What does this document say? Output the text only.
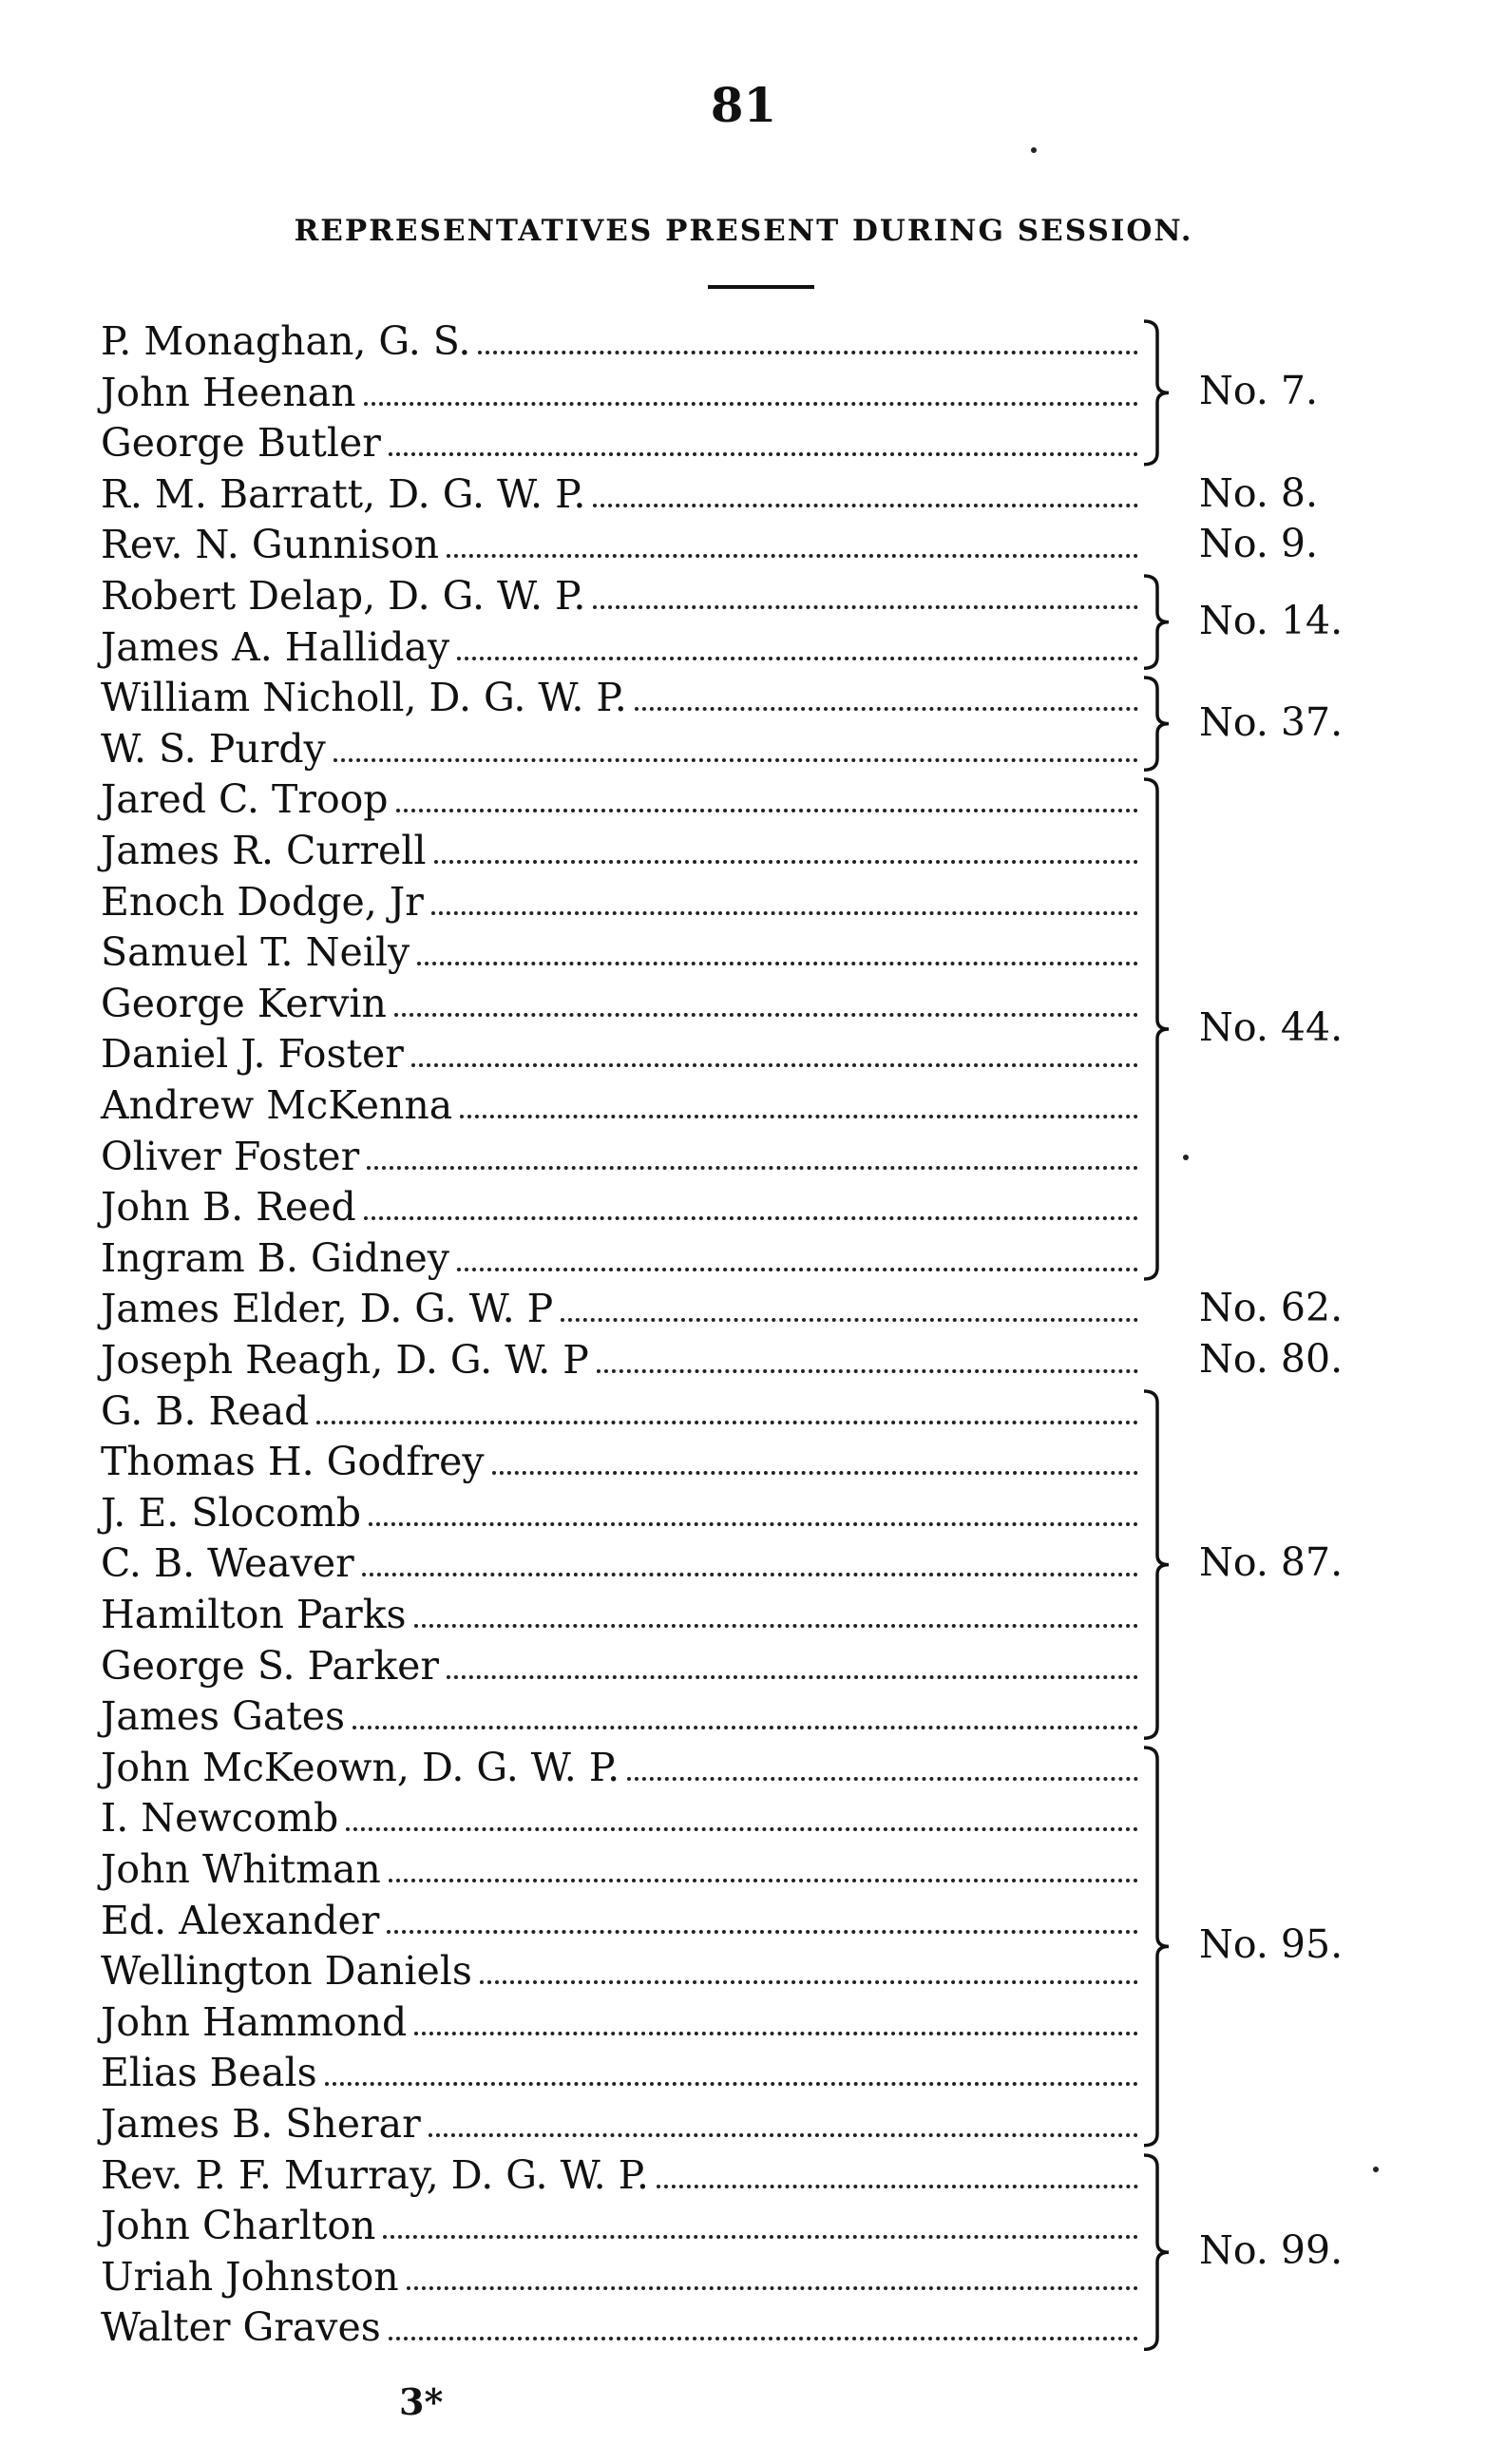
81
REPRESENTATIVES PRESENT DURING SESSION.
P. Monaghan, G. S.
John Heenan
George Butler
R. M. Barratt, D. G. W. P.
Rev. N. Gunnison
Robert Delap, D. G. W. P.
James A. Halliday
William Nicholl, D. G. W. P.
W. S. Purdy
Jared C. Troop
James R. Currell
Enoch Dodge, Jr
Samuel T. Neily
George Kervin
Daniel J. Foster
Andrew McKenna
Oliver Foster
John B. Reed
Ingram B. Gidney
James Elder, D. G. W. P
Joseph Reagh, D. G. W. P
G. B. Read
Thomas H. Godfrey
J. E. Slocomb
C. B. Weaver
Hamilton Parks
George S. Parker
James Gates
John McKeown, D. G. W. P.
I. Newcomb
John Whitman
Ed. Alexander
Wellington Daniels
John Hammond
Elias Beals
James B. Sherar
Rev. P. F. Murray, D. G. W. P.
John Charlton
Uriah Johnston
Walter Graves
No. 7.
No. 8.
No. 9.
No. 14.
No. 37.
No. 44.
No. 62.
No. 80.
No. 87.
No. 95.
No. 99.
3*
